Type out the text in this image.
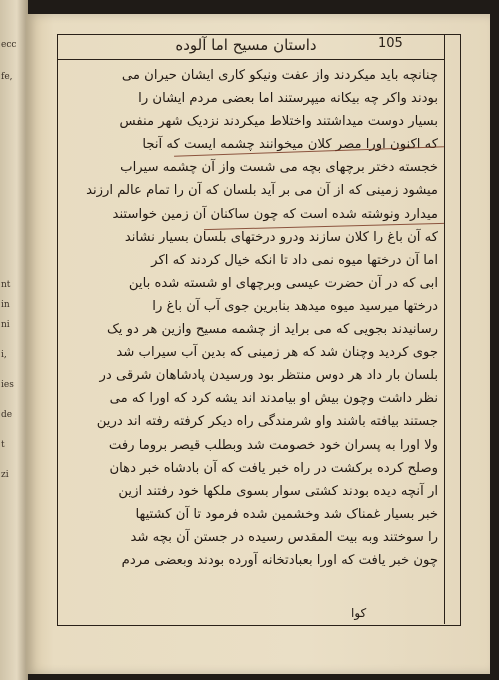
ecc
fe,
nt
in
ni
i,
ies
de
t
zi
داستان مسیح اما آلوده	105
چنانچه باید میکردند واز عفت ونیکو کاری ایشان حیران می
بودند واکر چه بیکانه میپرستند اما بعضی مردم ایشان را
بسیار دوست میداشتند واختلاط میکردند نزدیک شهر منفس
که اکنون اورا مصر کلان میخوانند چشمه ایست که آنجا
خجسته دختر برچهای بچه می شست واز آن چشمه سیراب
میشود زمینی که از آن می بر آید بلسان که آن را تمام عالم ارزند
میدارد ونوشته شده است که چون ساکنان آن زمین خواستند
که آن باغ را کلان سازند ودرو درختهای بلسان بسیار نشاند
اما آن درختها میوه نمی داد تا انکه خیال کردند که اکر
ابی که در آن حضرت عیسی وبرچهای او شسته شده باین
درختها میرسید میوه میدهد بنابرین جوی آب آن باغ را
رسانیدند بجویی که می براید از چشمه مسیح وازین هر دو یک
جوی کردید وچنان شد که هر زمینی که بدین آب سیراب شد
بلسان بار داد هر دوس منتظر بود ورسیدن پادشاهان شرقی در
نظر داشت وچون بیش او بیامدند اند یشه کرد که اورا که می
جستند بیافته باشند واو شرمندگی راه دیکر کرفته رفته اند درین
ولا اورا به پسران خود خصومت شد وبطلب قیصر بروما رفت
وصلح کرده برکشت در راه خبر یافت که آن بادشاه خبر دهان
ار آنچه دیده بودند کشتی سوار بسوی ملکها خود رفتند ازین
خبر بسیار غمناک شد وخشمین شده فرمود تا آن کشتیها
را سوختند وبه بیت المقدس رسیده در جستن آن بچه شد
چون خبر یافت که اورا بعبادتخانه آورده بودند وبعضی مردم
كوا
